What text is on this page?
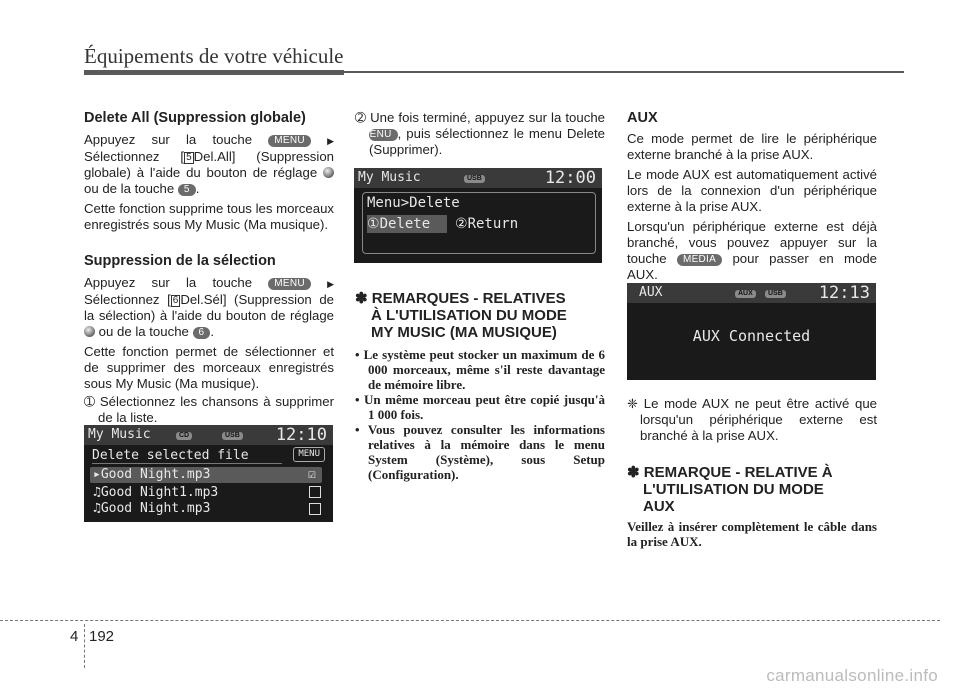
Équipements de votre véhicule
Delete All (Suppression globale)

Appuyez sur la touche MENU ▶ Sélectionnez [ 5 Del.All] (Suppression globale) à l'aide du bouton de réglage  ou de la touche 5 .

Cette fonction supprime tous les morceaux enregistrés sous My Music (Ma musique).

Suppression de la sélection

Appuyez sur la touche MENU ▶ Sélectionnez [ 6 Del.Sél] (Suppression de la sélection) à l'aide du bouton de réglage  ou de la touche 6 .

Cette fonction permet de sélectionner et de supprimer des morceaux enregistrés sous My Music (Ma musique).

➀ Sélectionnez les chansons à supprimer de la liste.

My Music	CD	USB 12:10
Delete selected file	MENU
▸Good Night.mp3	☑
♫Good Night1.mp3
♫Good Night.mp3

➁ Une fois terminé, appuyez sur la touche MENU , puis sélectionnez le menu Delete (Supprimer).

My Music	USB	12:00
Menu>Delete
①Delete	②Return
✽ REMARQUES - RELATIVES
À L'UTILISATION DU MODE
MY MUSIC (MA MUSIQUE)
• Le système peut stocker un maximum de 6 000 morceaux, même s'il reste davantage de mémoire libre.
• Un même morceau peut être copié jusqu'à 1 000 fois.
• Vous pouvez consulter les informations relatives à la mémoire dans le menu System (Système), sous Setup (Configuration).
AUX

Ce mode permet de lire le périphérique externe branché à la prise AUX.

Le mode AUX est automatiquement activé lors de la connexion d'un périphérique externe à la prise AUX.

Lorsqu'un périphérique externe est déjà branché, vous pouvez appuyer sur la touche MEDIA pour passer en mode AUX.

AUX	AUX	USB 12:13
AUX Connected

❈ Le mode AUX ne peut être activé que lorsqu'un périphérique externe est branché à la prise AUX.

✽ REMARQUE - RELATIVE À
L'UTILISATION DU MODE
AUX

Veillez à insérer complètement le câble dans la prise AUX.

4 192
carmanualsonline.info
